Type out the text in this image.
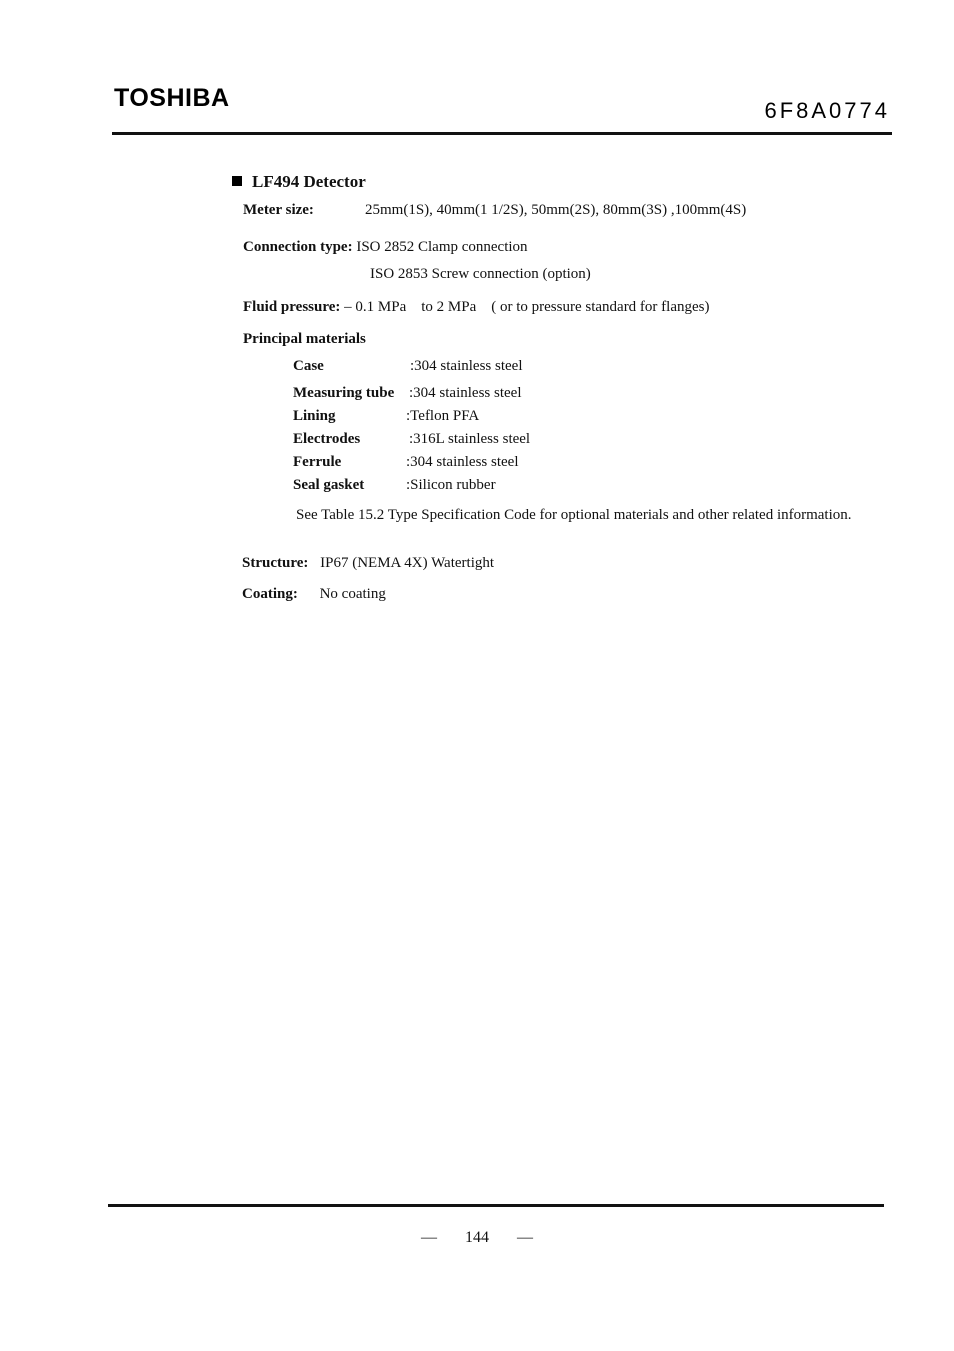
TOSHIBA	6F8A0774
LF494 Detector
Meter size:	25mm(1S), 40mm(1 1/2S), 50mm(2S), 80mm(3S) ,100mm(4S)
Connection type: ISO 2852 Clamp connection
ISO 2853 Screw connection (option)
Fluid pressure: – 0.1 MPa    to 2 MPa    ( or to pressure standard for flanges)
Principal materials
Case	:304 stainless steel
Measuring tube :304 stainless steel
Lining	:Teflon PFA
Electrodes	:316L stainless steel
Ferrule	:304 stainless steel
Seal gasket	:Silicon rubber
See Table 15.2 Type Specification Code for optional materials and other related information.
Structure: IP67 (NEMA 4X) Watertight
Coating: No coating
— 144 —
